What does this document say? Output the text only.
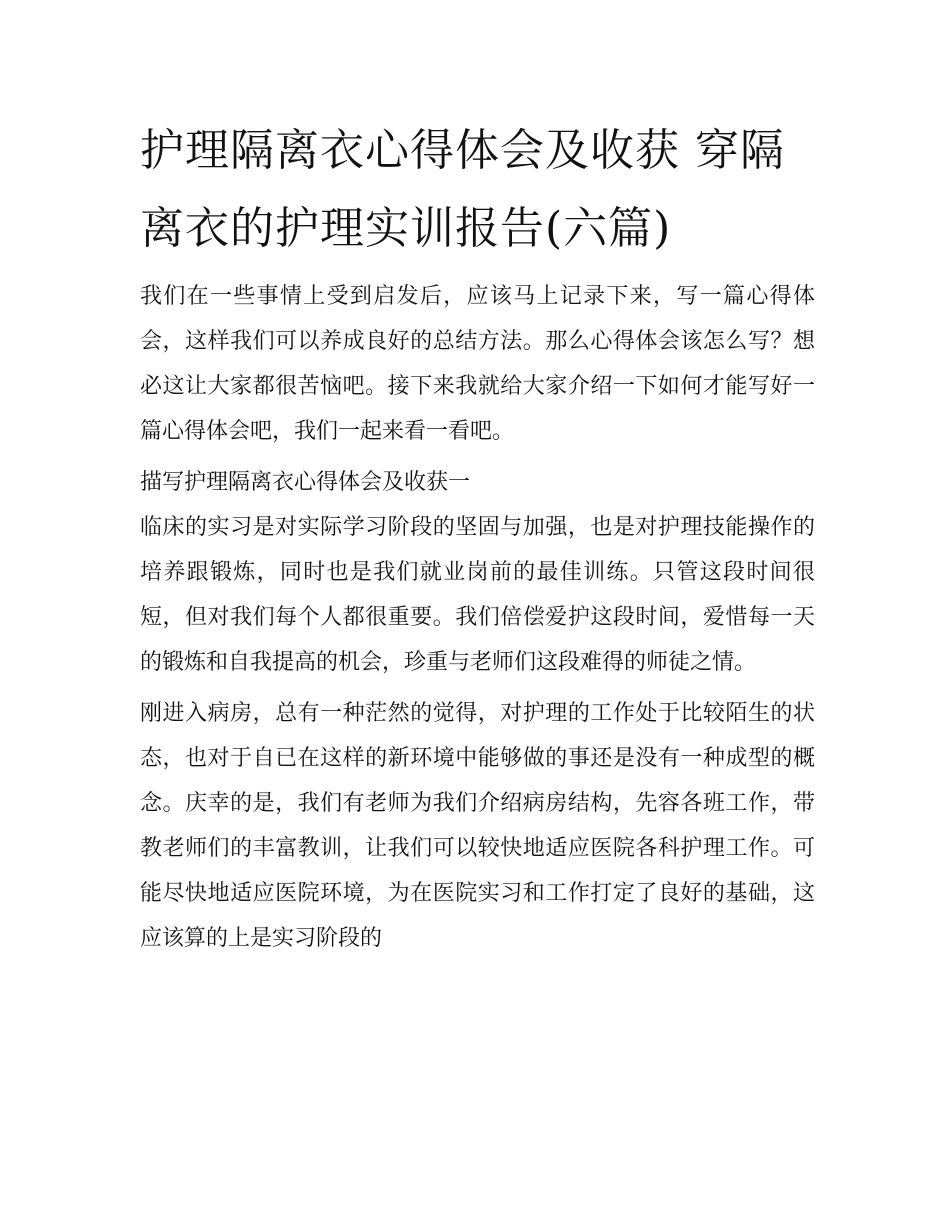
护理隔离衣心得体会及收获 穿隔离衣的护理实训报告(六篇)

我们在一些事情上受到启发后，应该马上记录下来，写一篇心得体会，这样我们可以养成良好的总结方法。那么心得体会该怎么写？想必这让大家都很苦恼吧。接下来我就给大家介绍一下如何才能写好一篇心得体会吧，我们一起来看一看吧。

描写护理隔离衣心得体会及收获一

临床的实习是对实际学习阶段的坚固与加强，也是对护理技能操作的培养跟锻炼，同时也是我们就业岗前的最佳训练。只管这段时间很短，但对我们每个人都很重要。我们倍偿爱护这段时间，爱惜每一天的锻炼和自我提高的机会，珍重与老师们这段难得的师徒之情。

刚进入病房，总有一种茫然的觉得，对护理的工作处于比较陌生的状态，也对于自已在这样的新环境中能够做的事还是没有一种成型的概念。庆幸的是，我们有老师为我们介绍病房结构，先容各班工作，带教老师们的丰富教训，让我们可以较快地适应医院各科护理工作。可能尽快地适应医院环境，为在医院实习和工作打定了良好的基础，这应该算的上是实习阶段的
